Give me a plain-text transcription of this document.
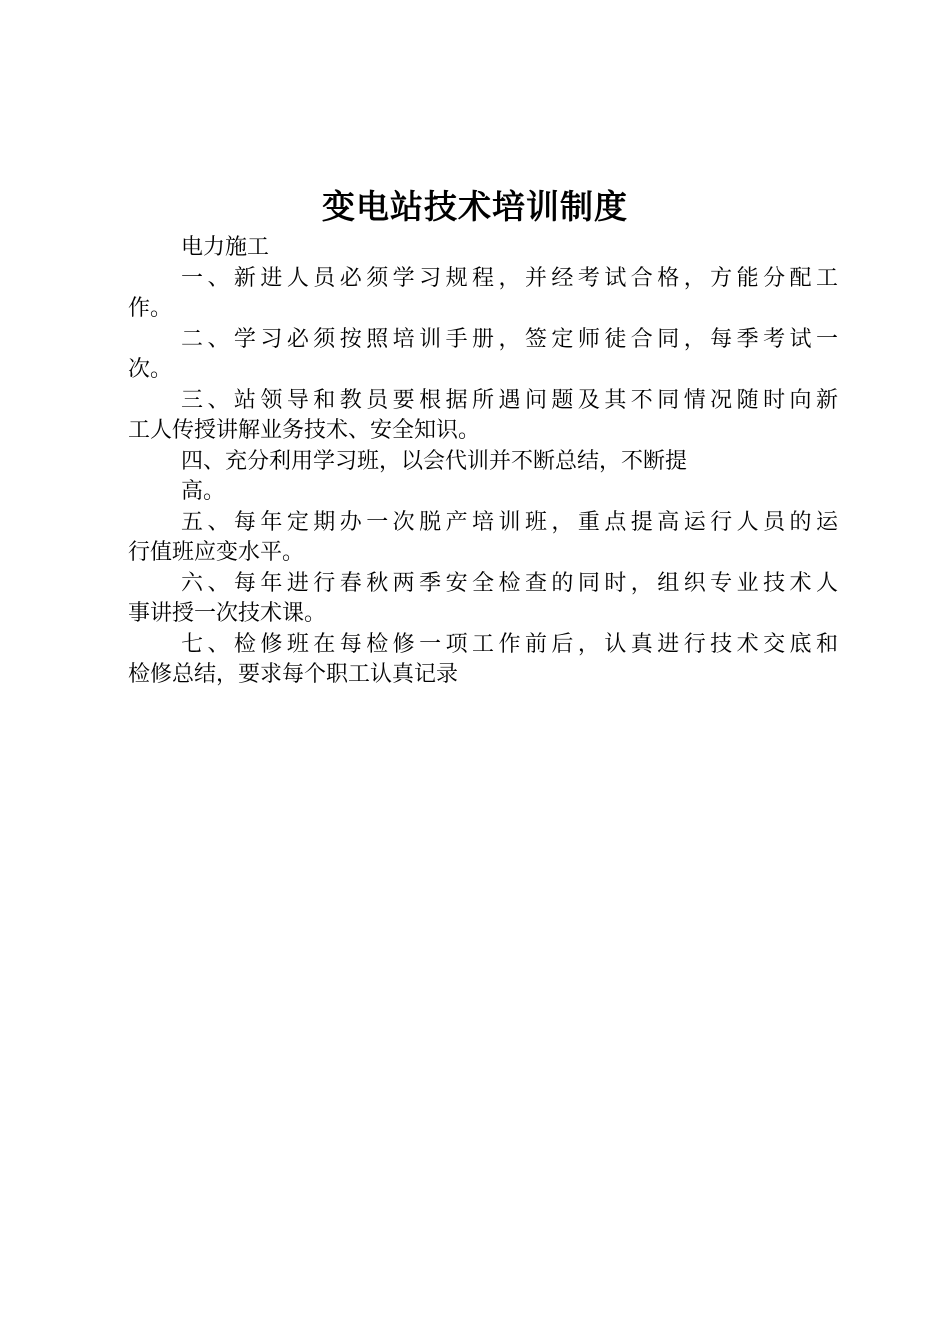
变电站技术培训制度
电力施工
一、新进人员必须学习规程，并经考试合格，方能分配工
作。
二、学习必须按照培训手册，签定师徒合同，每季考试一
次。
三、站领导和教员要根据所遇问题及其不同情况随时向新
工人传授讲解业务技术、安全知识。
四、充分利用学习班，以会代训并不断总结，不断提
高。
五、每年定期办一次脱产培训班，重点提高运行人员的运
行值班应变水平。
六、每年进行春秋两季安全检查的同时，组织专业技术人
事讲授一次技术课。
七、检修班在每检修一项工作前后，认真进行技术交底和
检修总结，要求每个职工认真记录
